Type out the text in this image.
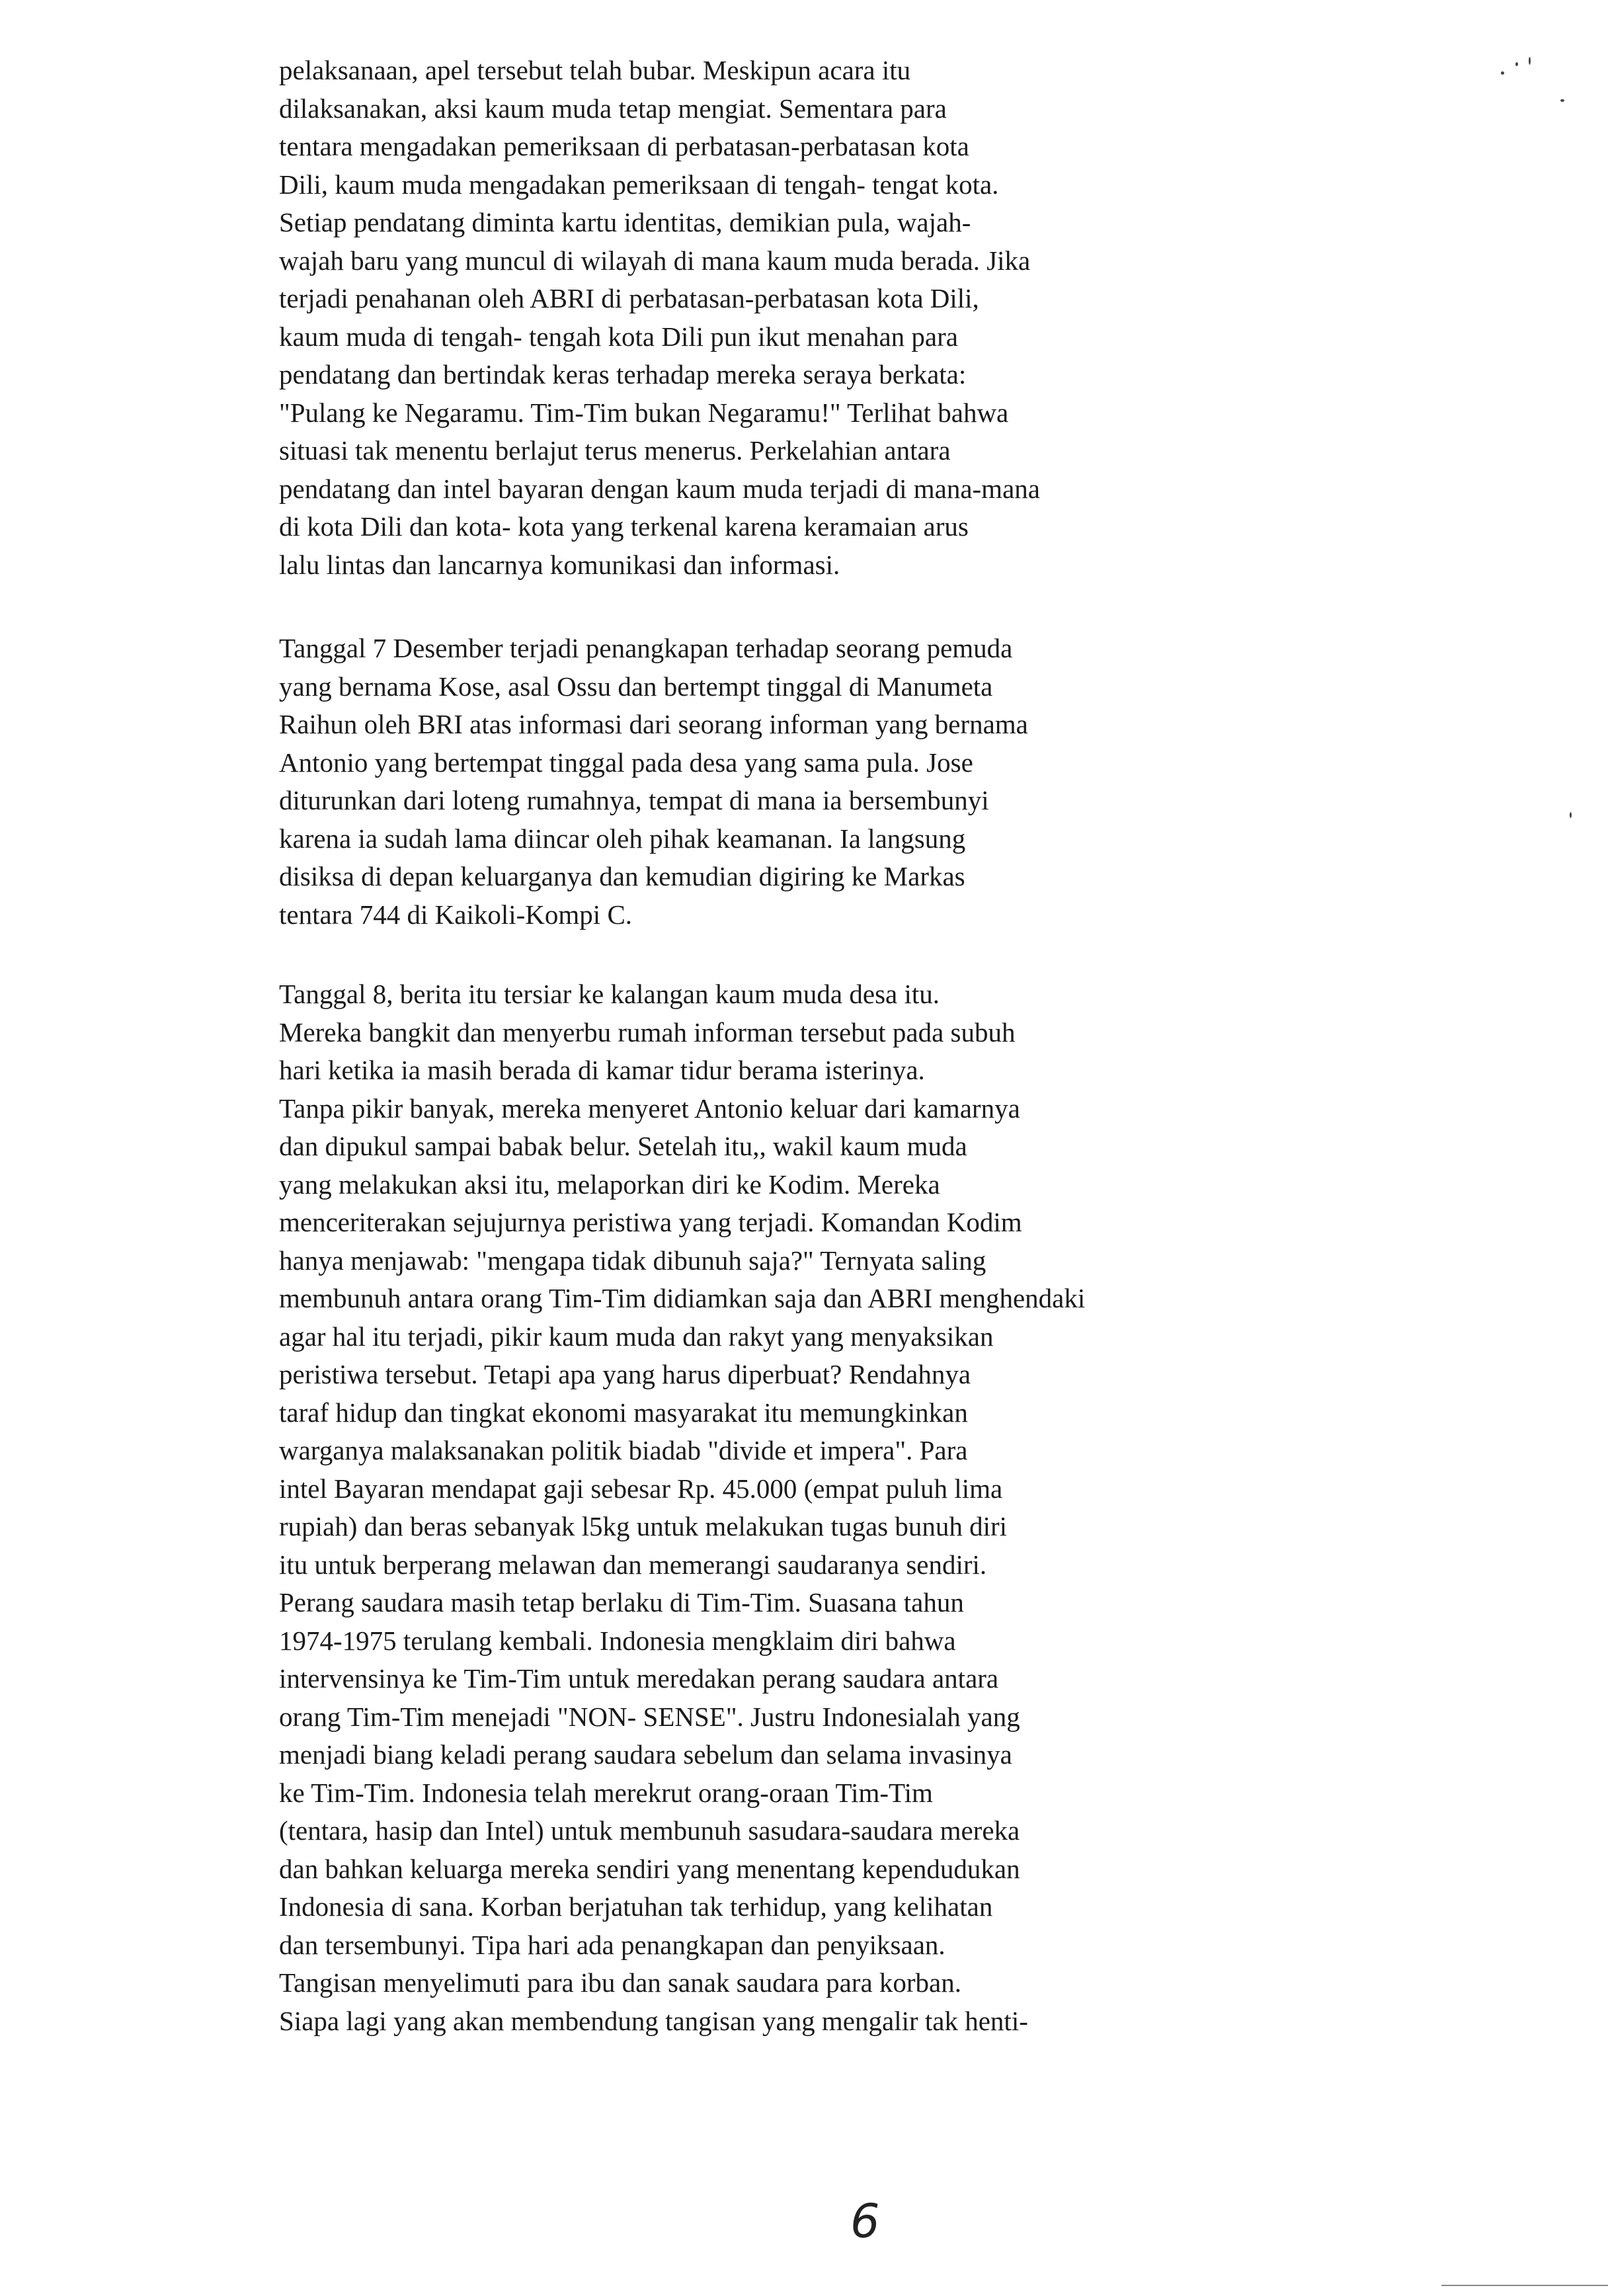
pelaksanaan, apel tersebut telah bubar. Meskipun acara itu
dilaksanakan, aksi kaum muda tetap mengiat. Sementara para
tentara mengadakan pemeriksaan di perbatasan-perbatasan kota
Dili, kaum muda mengadakan pemeriksaan di tengah- tengat kota.
Setiap pendatang diminta kartu identitas, demikian pula, wajah-
wajah baru yang muncul di wilayah di mana kaum muda berada. Jika
terjadi penahanan oleh ABRI di perbatasan-perbatasan kota Dili,
kaum muda di tengah- tengah kota Dili pun ikut menahan para
pendatang dan bertindak keras terhadap mereka seraya berkata:
"Pulang ke Negaramu. Tim-Tim bukan Negaramu!" Terlihat bahwa
situasi tak menentu berlajut terus menerus. Perkelahian antara
pendatang dan intel bayaran dengan kaum muda terjadi di mana-mana
di kota Dili dan kota- kota yang terkenal karena keramaian arus
lalu lintas dan lancarnya komunikasi dan informasi.
Tanggal 7 Desember terjadi penangkapan terhadap seorang pemuda
yang bernama Kose, asal Ossu dan bertempt tinggal di Manumeta
Raihun oleh BRI atas informasi dari seorang informan yang bernama
Antonio yang bertempat tinggal pada desa yang sama pula. Jose
diturunkan dari loteng rumahnya, tempat di mana ia bersembunyi
karena ia sudah lama diincar oleh pihak keamanan. Ia langsung
disiksa di depan keluarganya dan kemudian digiring ke Markas
tentara 744 di Kaikoli-Kompi C.
Tanggal 8, berita itu tersiar ke kalangan kaum muda desa itu.
Mereka bangkit dan menyerbu rumah informan tersebut pada subuh
hari ketika ia masih berada di kamar tidur berama isterinya.
Tanpa pikir banyak, mereka menyeret Antonio keluar dari kamarnya
dan dipukul sampai babak belur. Setelah itu,, wakil kaum muda
yang melakukan aksi itu, melaporkan diri ke Kodim. Mereka
menceriterakan sejujurnya peristiwa yang terjadi. Komandan Kodim
hanya menjawab: "mengapa tidak dibunuh saja?" Ternyata saling
membunuh antara orang Tim-Tim didiamkan saja dan ABRI menghendaki
agar hal itu terjadi, pikir kaum muda dan rakyt yang menyaksikan
peristiwa tersebut. Tetapi apa yang harus diperbuat? Rendahnya
taraf hidup dan tingkat ekonomi masyarakat itu memungkinkan
warganya malaksanakan politik biadab "divide et impera". Para
intel Bayaran mendapat gaji sebesar Rp. 45.000 (empat puluh lima
rupiah) dan beras sebanyak l5kg untuk melakukan tugas bunuh diri
itu untuk berperang melawan dan memerangi saudaranya sendiri.
Perang saudara masih tetap berlaku di Tim-Tim. Suasana tahun
1974-1975 terulang kembali. Indonesia mengklaim diri bahwa
intervensinya ke Tim-Tim untuk meredakan perang saudara antara
orang Tim-Tim menejadi "NON- SENSE". Justru Indonesialah yang
menjadi biang keladi perang saudara sebelum dan selama invasinya
ke Tim-Tim. Indonesia telah merekrut orang-oraan Tim-Tim
(tentara, hasip dan Intel) untuk membunuh sasudara-saudara mereka
dan bahkan keluarga mereka sendiri yang menentang kependudukan
Indonesia di sana. Korban berjatuhan tak terhidup, yang kelihatan
dan tersembunyi. Tipa hari ada penangkapan dan penyiksaan.
Tangisan menyelimuti para ibu dan sanak saudara para korban.
Siapa lagi yang akan membendung tangisan yang mengalir tak henti-
6
